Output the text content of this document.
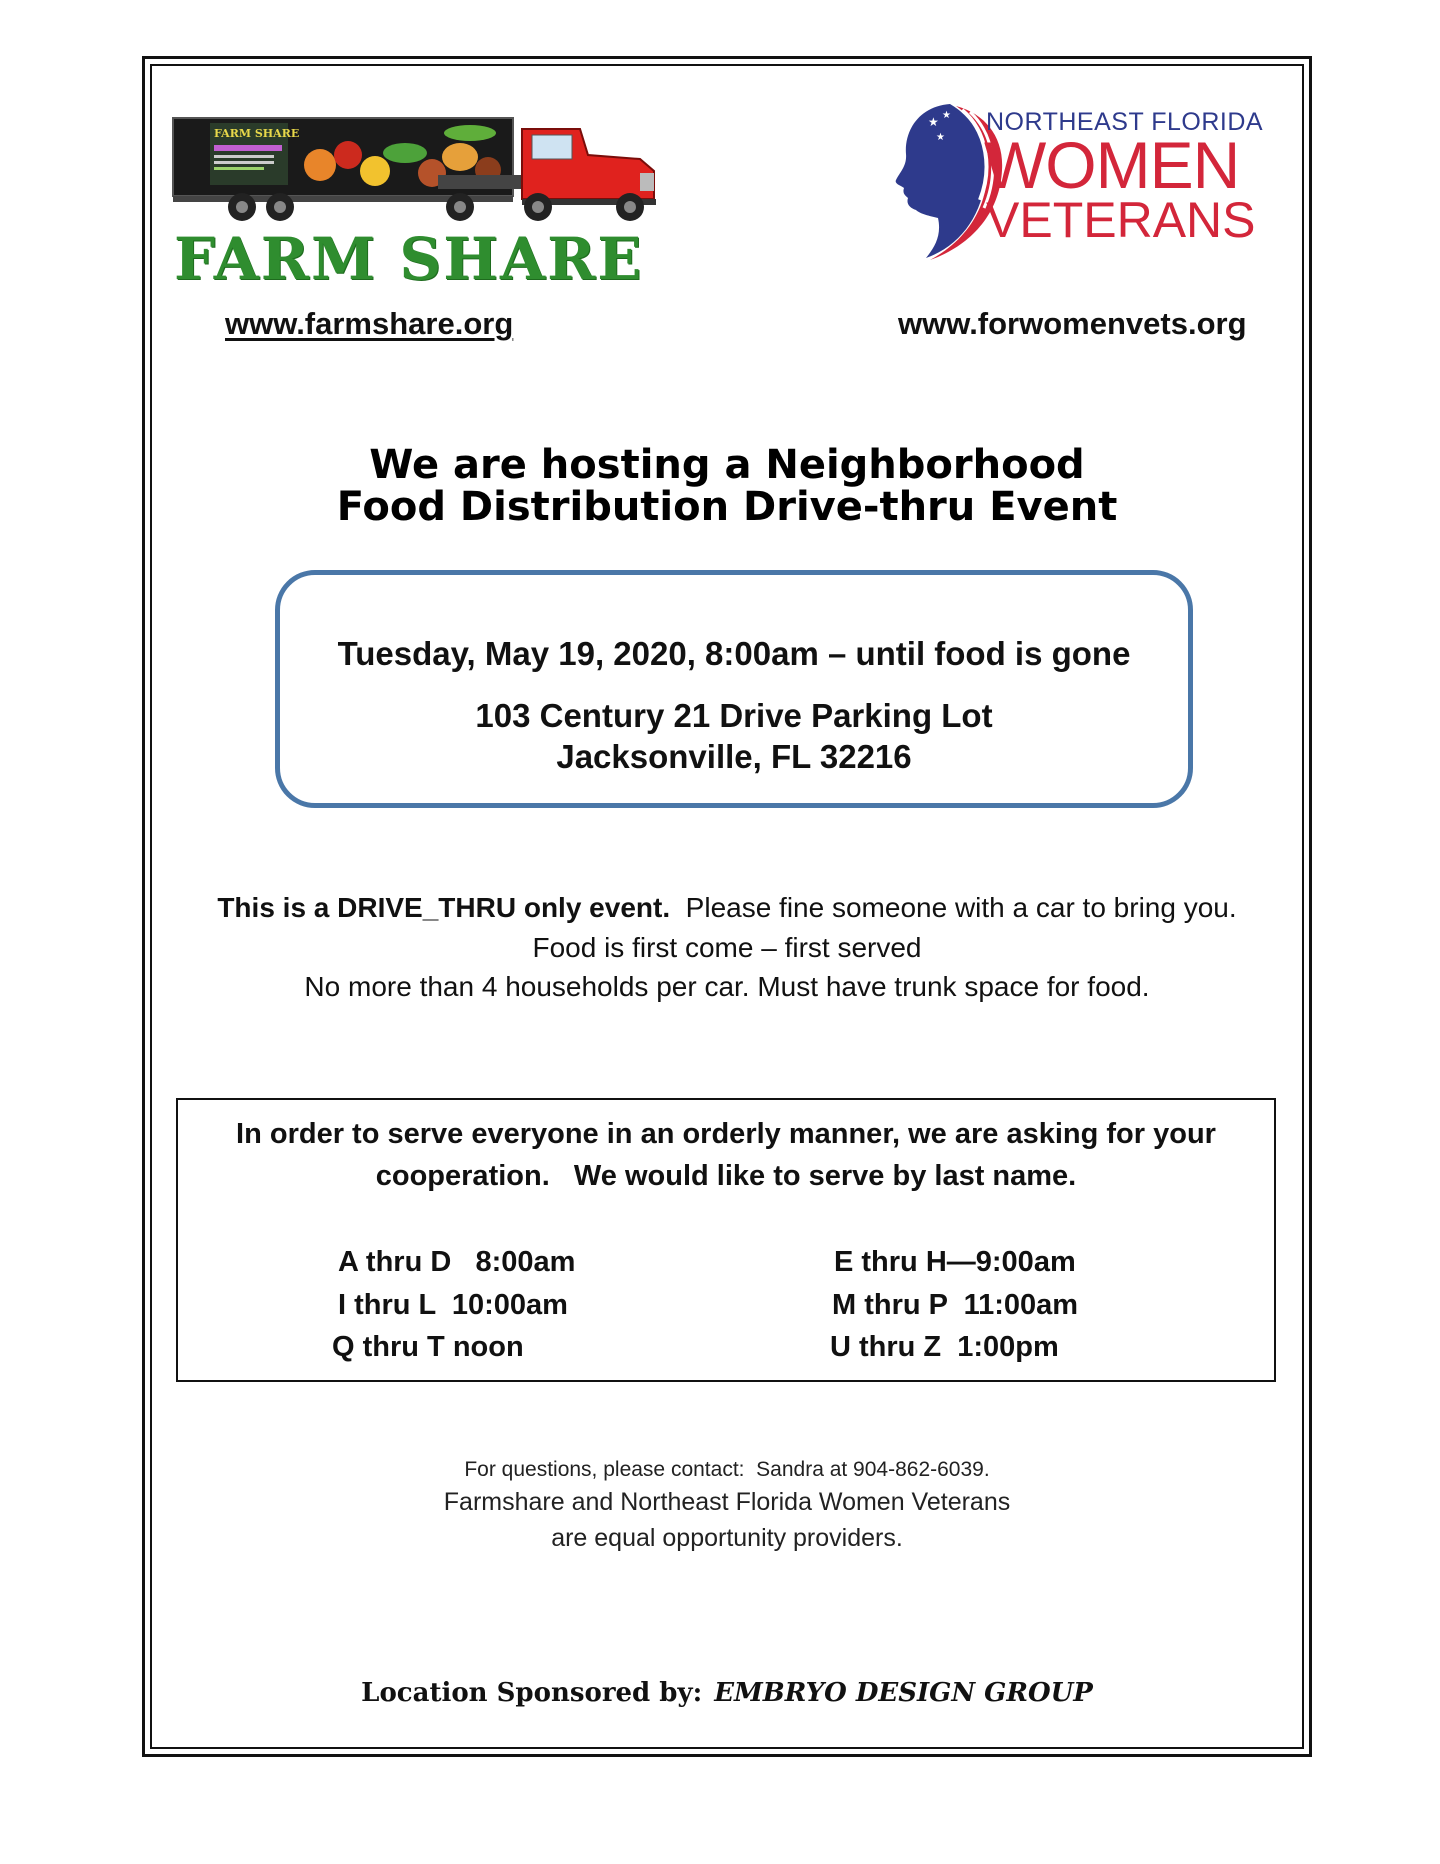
FARM SHARE
FARM SHARE
★ ★
★
NORTHEAST FLORIDA
WOMEN
VETERANS
www.farmshare.org	www.forwomenvets.org
We are hosting a Neighborhood
Food Distribution Drive-thru Event
Tuesday, May 19, 2020, 8:00am – until food is gone
103 Century 21 Drive Parking Lot
Jacksonville, FL 32216
This is a DRIVE_THRU only event.  Please fine someone with a car to bring you.
Food is first come – first served
No more than 4 households per car. Must have trunk space for food.
In order to serve everyone in an orderly manner, we are asking for your
cooperation.   We would like to serve by last name.
A thru D   8:00am	E thru H—9:00am
I thru L  10:00am	M thru P  11:00am
Q thru T noon	U thru Z  1:00pm
For questions, please contact:  Sandra at 904-862-6039.
Farmshare and Northeast Florida Women Veterans
are equal opportunity providers.
Location Sponsored by: EMBRYO DESIGN GROUP
